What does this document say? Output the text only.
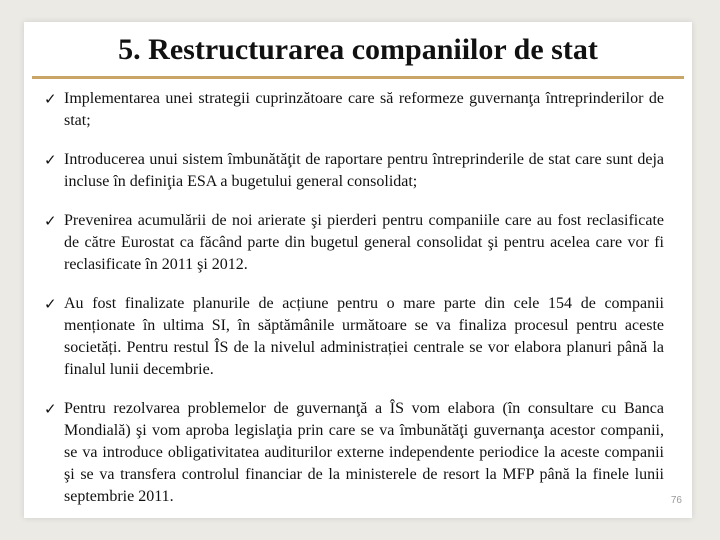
5. Restructurarea companiilor de stat
✓ Implementarea unei strategii cuprinzătoare care să reformeze guvernanţa întreprinderilor de stat;
✓ Introducerea unui sistem îmbunătăţit de raportare pentru întreprinderile de stat care sunt deja incluse în definiţia ESA a bugetului general consolidat;
✓ Prevenirea acumulării de noi arierate şi pierderi pentru companiile care au fost reclasificate de către Eurostat ca făcând parte din bugetul general consolidat şi pentru acelea care vor fi reclasificate în 2011 şi 2012.
✓ Au fost finalizate planurile de acțiune pentru o mare parte din cele 154 de companii menționate în ultima SI, în săptămânile următoare se va finaliza procesul pentru aceste societăți. Pentru restul ÎS de la nivelul administrației centrale se vor elabora planuri până la finalul lunii decembrie.
✓ Pentru rezolvarea problemelor de guvernanţă a ÎS vom elabora (în consultare cu Banca Mondială) şi vom aproba legislaţia prin care se va îmbunătăţi guvernanţa acestor companii, se va introduce obligativitatea auditurilor externe independente periodice la aceste companii şi se va transfera controlul financiar de la ministerele de resort la MFP până la finele lunii septembrie 2011.	76
